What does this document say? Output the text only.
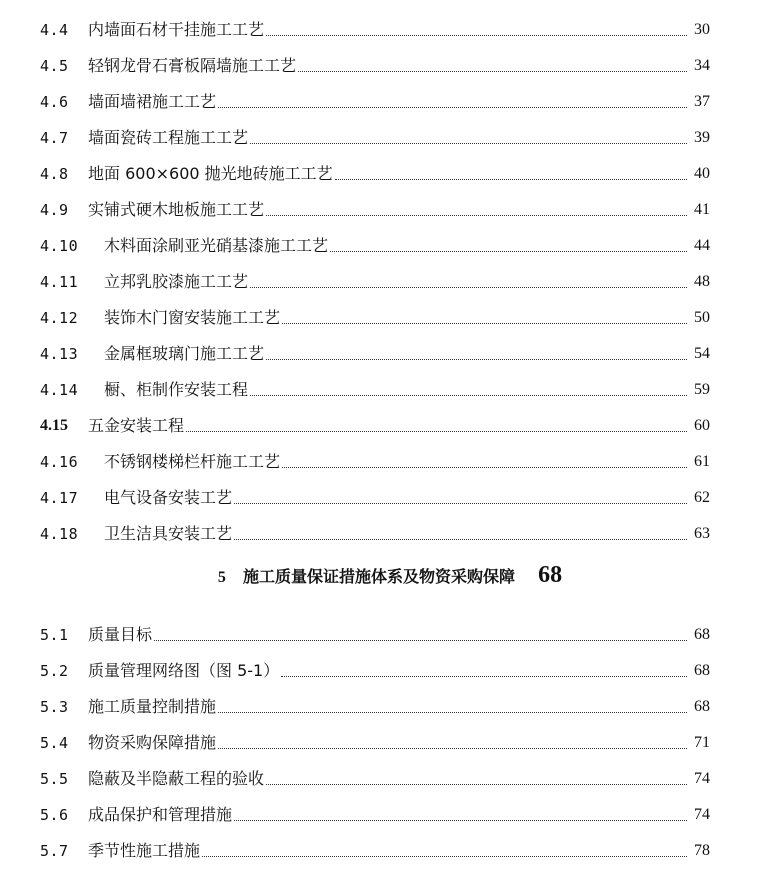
4.4	内墙面石材干挂施工工艺	30
4.5	轻钢龙骨石膏板隔墙施工工艺	34
4.6	墙面墙裙施工工艺	37
4.7	墙面瓷砖工程施工工艺	39
4.8	地面 600×600 抛光地砖施工工艺	40
4.9	实铺式硬木地板施工工艺	41
4.10	木料面涂刷亚光硝基漆施工工艺	44
4.11	立邦乳胶漆施工工艺	48
4.12	装饰木门窗安装施工工艺	50
4.13	金属框玻璃门施工工艺	54
4.14	橱、柜制作安装工程	59
4.15	五金安装工程	60
4.16	不锈钢楼梯栏杆施工工艺	61
4.17	电气设备安装工艺	62
4.18	卫生洁具安装工艺	63
5 施工质量保证措施体系及物资采购保障 68
5.1	质量目标	68
5.2	质量管理网络图（图 5-1）	68
5.3	施工质量控制措施	68
5.4	物资采购保障措施	71
5.5	隐蔽及半隐蔽工程的验收	74
5.6	成品保护和管理措施	74
5.7	季节性施工措施	78
